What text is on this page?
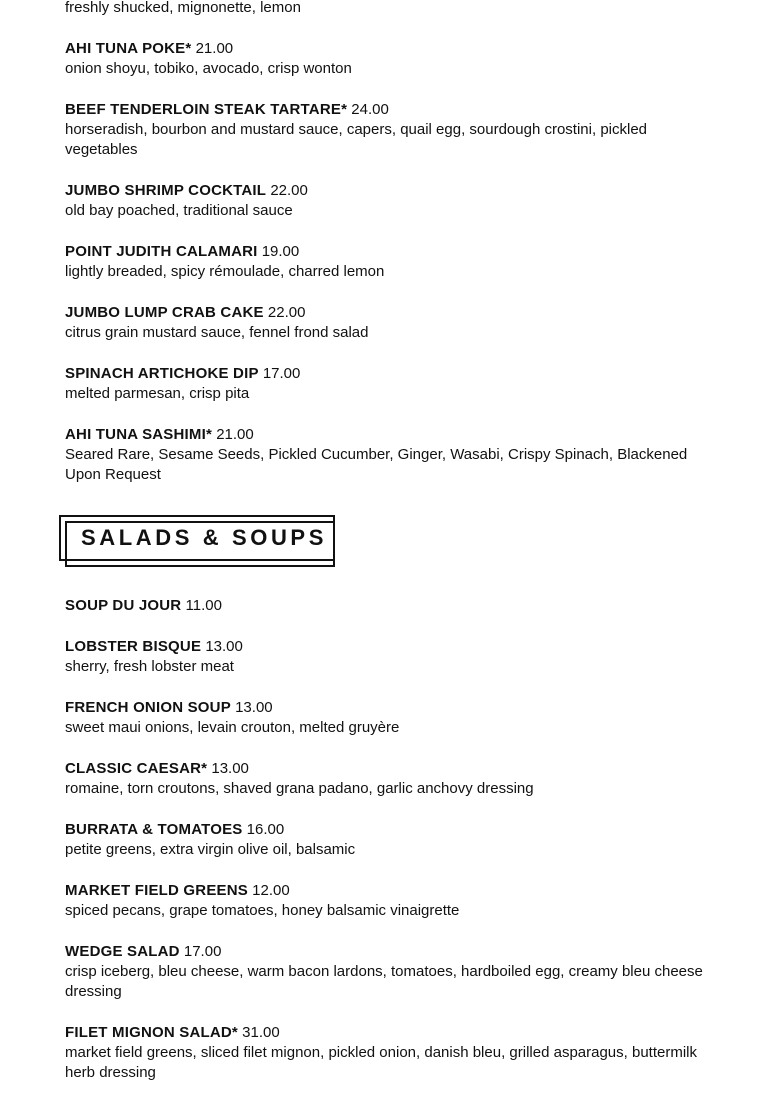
freshly shucked, mignonette, lemon
AHI TUNA POKE* 21.00
onion shoyu, tobiko, avocado, crisp wonton
BEEF TENDERLOIN STEAK TARTARE* 24.00
horseradish, bourbon and mustard sauce, capers, quail egg, sourdough crostini, pickled vegetables
JUMBO SHRIMP COCKTAIL 22.00
old bay poached, traditional sauce
POINT JUDITH CALAMARI 19.00
lightly breaded, spicy rémoulade, charred lemon
JUMBO LUMP CRAB CAKE 22.00
citrus grain mustard sauce, fennel frond salad
SPINACH ARTICHOKE DIP 17.00
melted parmesan, crisp pita
AHI TUNA SASHIMI* 21.00
Seared Rare, Sesame Seeds, Pickled Cucumber, Ginger, Wasabi, Crispy Spinach, Blackened Upon Request
SALADS & SOUPS
SOUP DU JOUR 11.00
LOBSTER BISQUE 13.00
sherry, fresh lobster meat
FRENCH ONION SOUP 13.00
sweet maui onions, levain crouton, melted gruyère
CLASSIC CAESAR* 13.00
romaine, torn croutons, shaved grana padano, garlic anchovy dressing
BURRATA & TOMATOES 16.00
petite greens, extra virgin olive oil, balsamic
MARKET FIELD GREENS 12.00
spiced pecans, grape tomatoes, honey balsamic vinaigrette
WEDGE SALAD 17.00
crisp iceberg, bleu cheese, warm bacon lardons, tomatoes, hardboiled egg, creamy bleu cheese dressing
FILET MIGNON SALAD* 31.00
market field greens, sliced filet mignon, pickled onion, danish bleu, grilled asparagus, buttermilk herb dressing
